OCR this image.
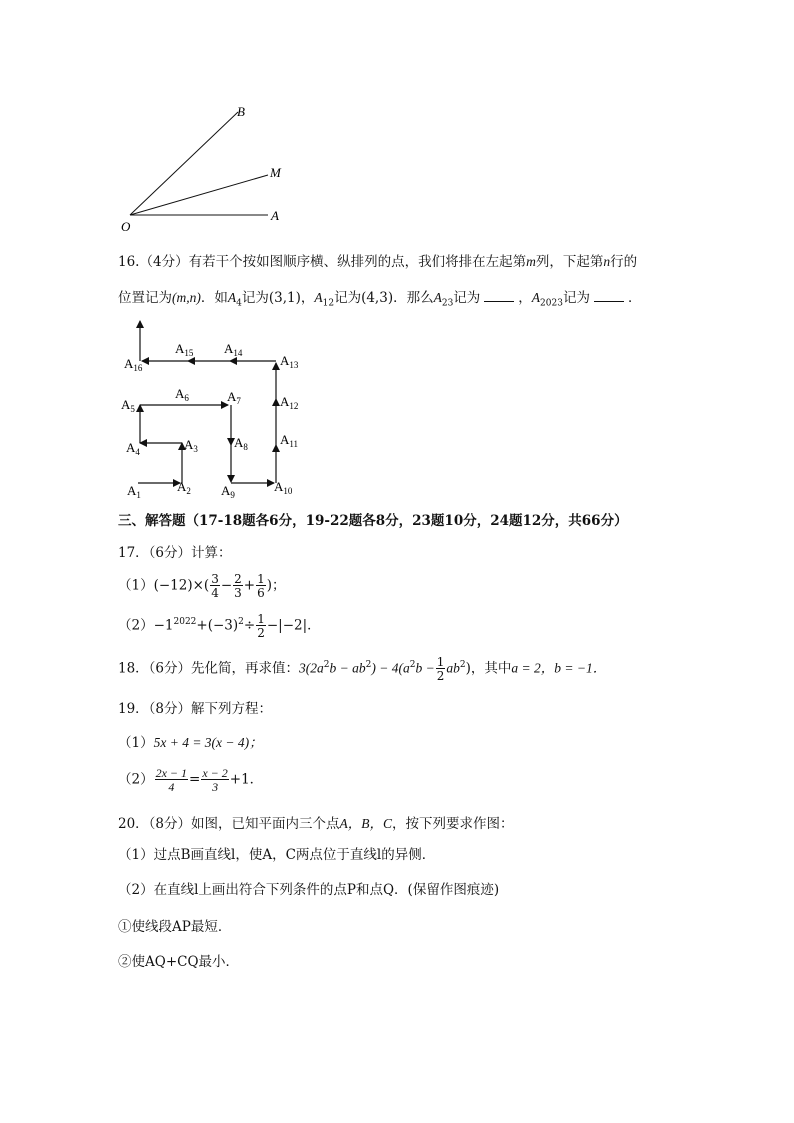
B
M
A
O
16.（4分）有若干个按如图顺序横、纵排列的点，我们将排在左起第m列，下起第n行的
位置记为(m,n)．如$A_4$记为(3,1)，$A_{12}$记为(4,3)．那么$A_{23}$记为	，$A_{2023}$记为	．
$A_1$
$A_2$
$A_3$
$A_4$
$A_5$
$A_6$	$A_7$
$A_8$
$A_9$
$A_{10}$
$A_{11}$
$A_{12}$
$A_{13}$
$A_{14}$
$A_{15}$
$A_{16}$
三、解答题（17-18题各6分，19-22题各8分，23题10分，24题12分，共66分）
17．（6分）计算：
$(1)(-12)\times( \frac{3}{4} - \frac{2}{3} + \frac{1}{6}$ )；
$(2)-1^{2022}+(-3)^2\div \frac{1}{2} -|-2|$．
18．（6分）先化简，再求值：$3(2a^2b - ab^2) - 4(a^2b - \frac{1}{2} ab^2)$，其中a = 2，b = −1．
19．（8分）解下列方程：
（1）5x + 4 = 3(x − 4)；
$(2) \frac{2x - 1}{4} = \frac{x - 2}{3} +1$．
20．（8分）如图，已知平面内三个点A，B，C，按下列要求作图：
（1）过点B画直线l，使A，C两点位于直线l的异侧．
（2）在直线l上画出符合下列条件的点P和点Q．(保留作图痕迹)
①使线段AP最短．
②使AQ+CQ最小．
